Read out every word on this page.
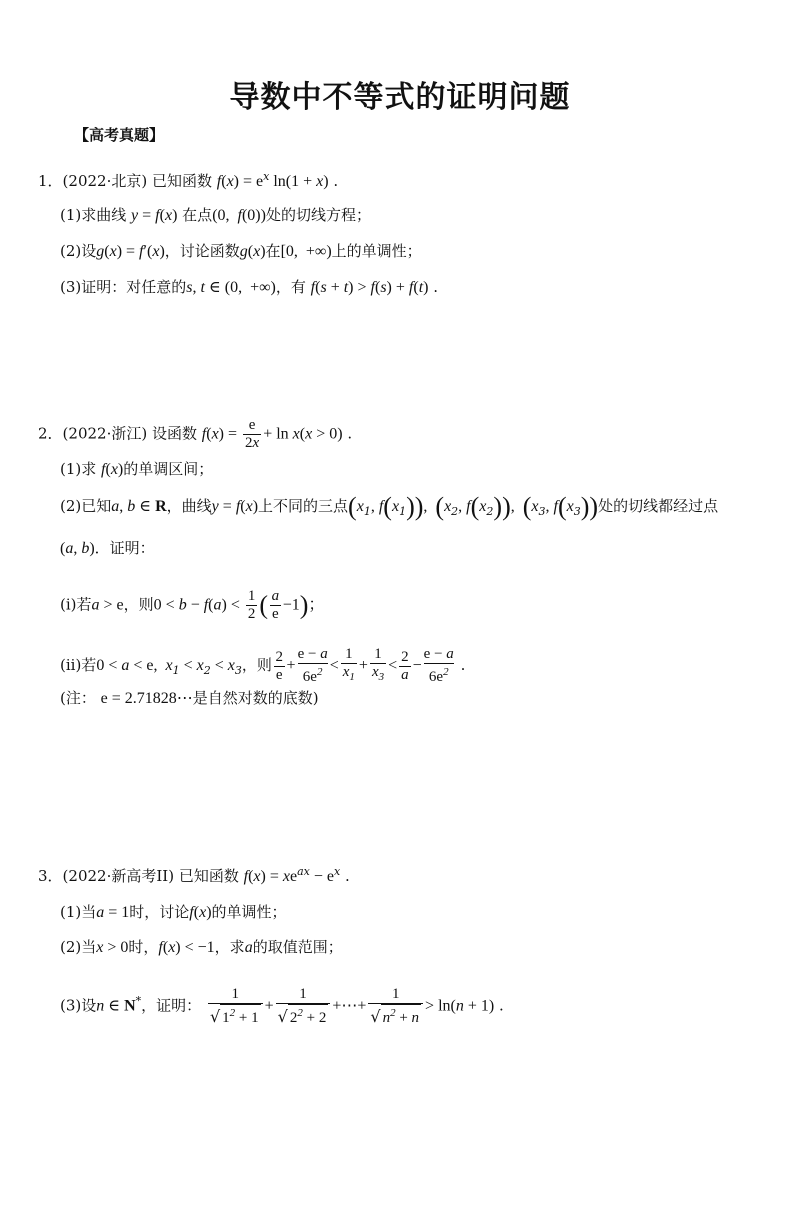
导数中不等式的证明问题
【高考真题】
1．(2022·北京) 已知函数 $f(x) = e^x$ ln(1 + x) .
(1)求曲线 y = f(x) 在点(0,  f(0))处的切线方程；
(2)设g(x) = f′(x)，讨论函数g(x)在[0,  +∞)上的单调性；
(3)证明：对任意的s, t ∈ (0,  +∞)，有 f(s + t) > f(s) + f(t) .
2．(2022·浙江) 设函数 $f(x) = \frac{e}{2x} + \ln x(x > 0)$ .
(1)求 f(x)的单调区间；
(2)已知a, b ∈ R，曲线y = f(x)上不同的三点($x_1$, $f(x_1)$),  ($x_2$, $f(x_2)$),  ($x_3$, $f(x_3)$)处的切线都经过点
(a, b)．证明：
(i)若a > e，则$0 < b - f(a) < \frac{1}{2}$ ( $\frac{a}{e} -1$)；
(ii)若0 < a < e,  $x_1 < x_2 < x_3$，则 $\frac{2}{e} + \frac{e - a}{6e^2} < \frac{1}{x_1} + \frac{1}{x_3} < \frac{2}{a} - \frac{e - a}{6e^2}$ .
(注： e = 2.71828⋯是自然对数的底数)
3．(2022·新高考II) 已知函数 $f(x) = xe^{ax} - e^x$ .
(1)当a = 1时，讨论f(x)的单调性；
(2)当x > 0时，f(x) < −1，求a的取值范围；
(3)设n ∈ N*，证明： $\frac{1}{√ 1^2 + 1} + \frac{1}{√ 2^2 + 2}$ +⋯+ $\frac{1}{√ n^2 + n} > \ln(n + 1)$ .
